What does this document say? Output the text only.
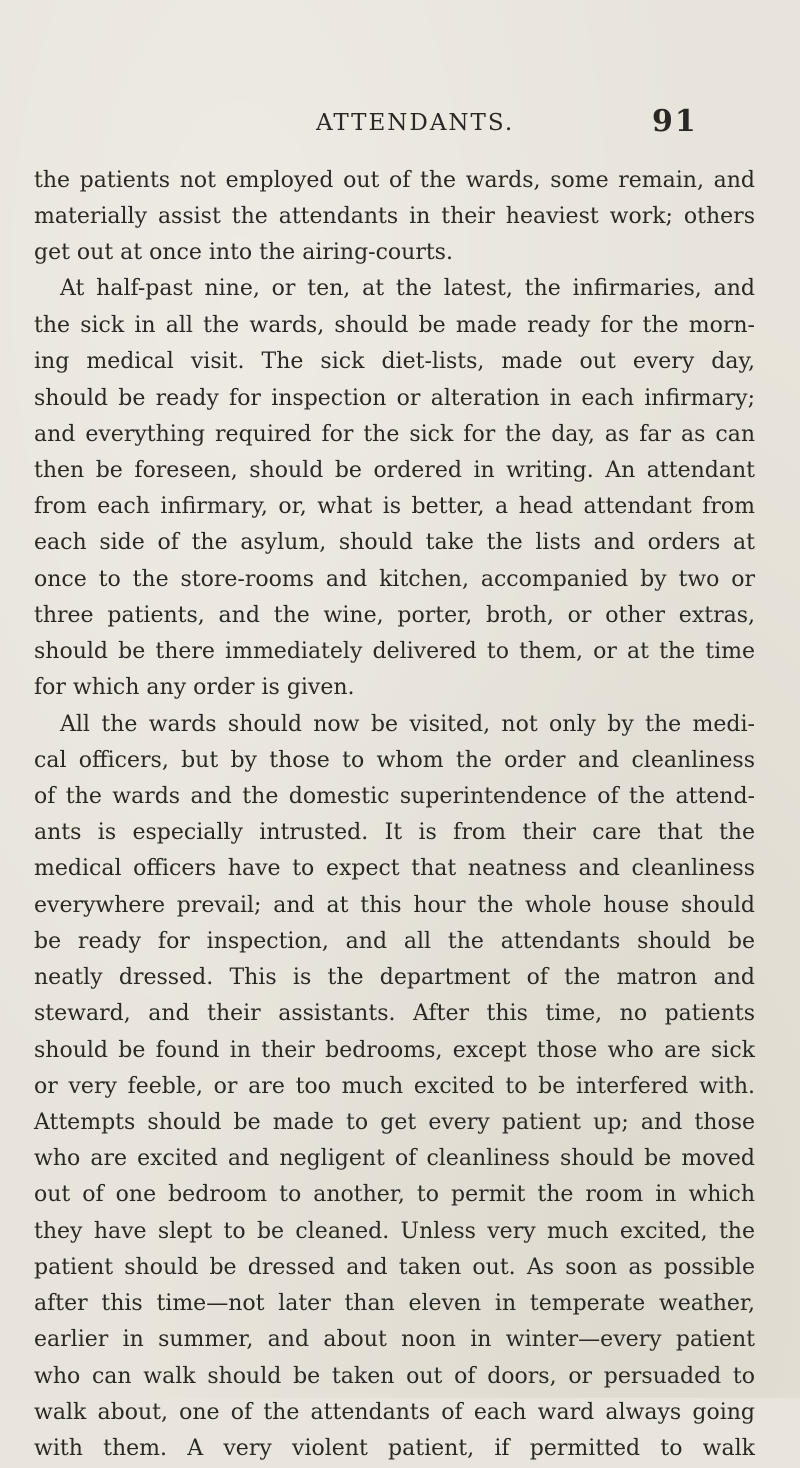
ATTENDANTS.	91
the patients not employed out of the wards, some remain, and
materially assist the attendants in their heaviest work; others
get out at once into the airing-courts.
At half-past nine, or ten, at the latest, the infirmaries, and
the sick in all the wards, should be made ready for the morn-
ing medical visit. The sick diet-lists, made out every day,
should be ready for inspection or alteration in each infirmary;
and everything required for the sick for the day, as far as can
then be foreseen, should be ordered in writing. An attendant
from each infirmary, or, what is better, a head attendant from
each side of the asylum, should take the lists and orders at
once to the store-rooms and kitchen, accompanied by two or
three patients, and the wine, porter, broth, or other extras,
should be there immediately delivered to them, or at the time
for which any order is given.
All the wards should now be visited, not only by the medi-
cal officers, but by those to whom the order and cleanliness
of the wards and the domestic superintendence of the attend-
ants is especially intrusted. It is from their care that the
medical officers have to expect that neatness and cleanliness
everywhere prevail; and at this hour the whole house should
be ready for inspection, and all the attendants should be
neatly dressed. This is the department of the matron and
steward, and their assistants. After this time, no patients
should be found in their bedrooms, except those who are sick
or very feeble, or are too much excited to be interfered with.
Attempts should be made to get every patient up; and those
who are excited and negligent of cleanliness should be moved
out of one bedroom to another, to permit the room in which
they have slept to be cleaned. Unless very much excited, the
patient should be dressed and taken out. As soon as possible
after this time—not later than eleven in temperate weather,
earlier in summer, and about noon in winter—every patient
who can walk should be taken out of doors, or persuaded to
walk about, one of the attendants of each ward always going
with them. A very violent patient, if permitted to walk
